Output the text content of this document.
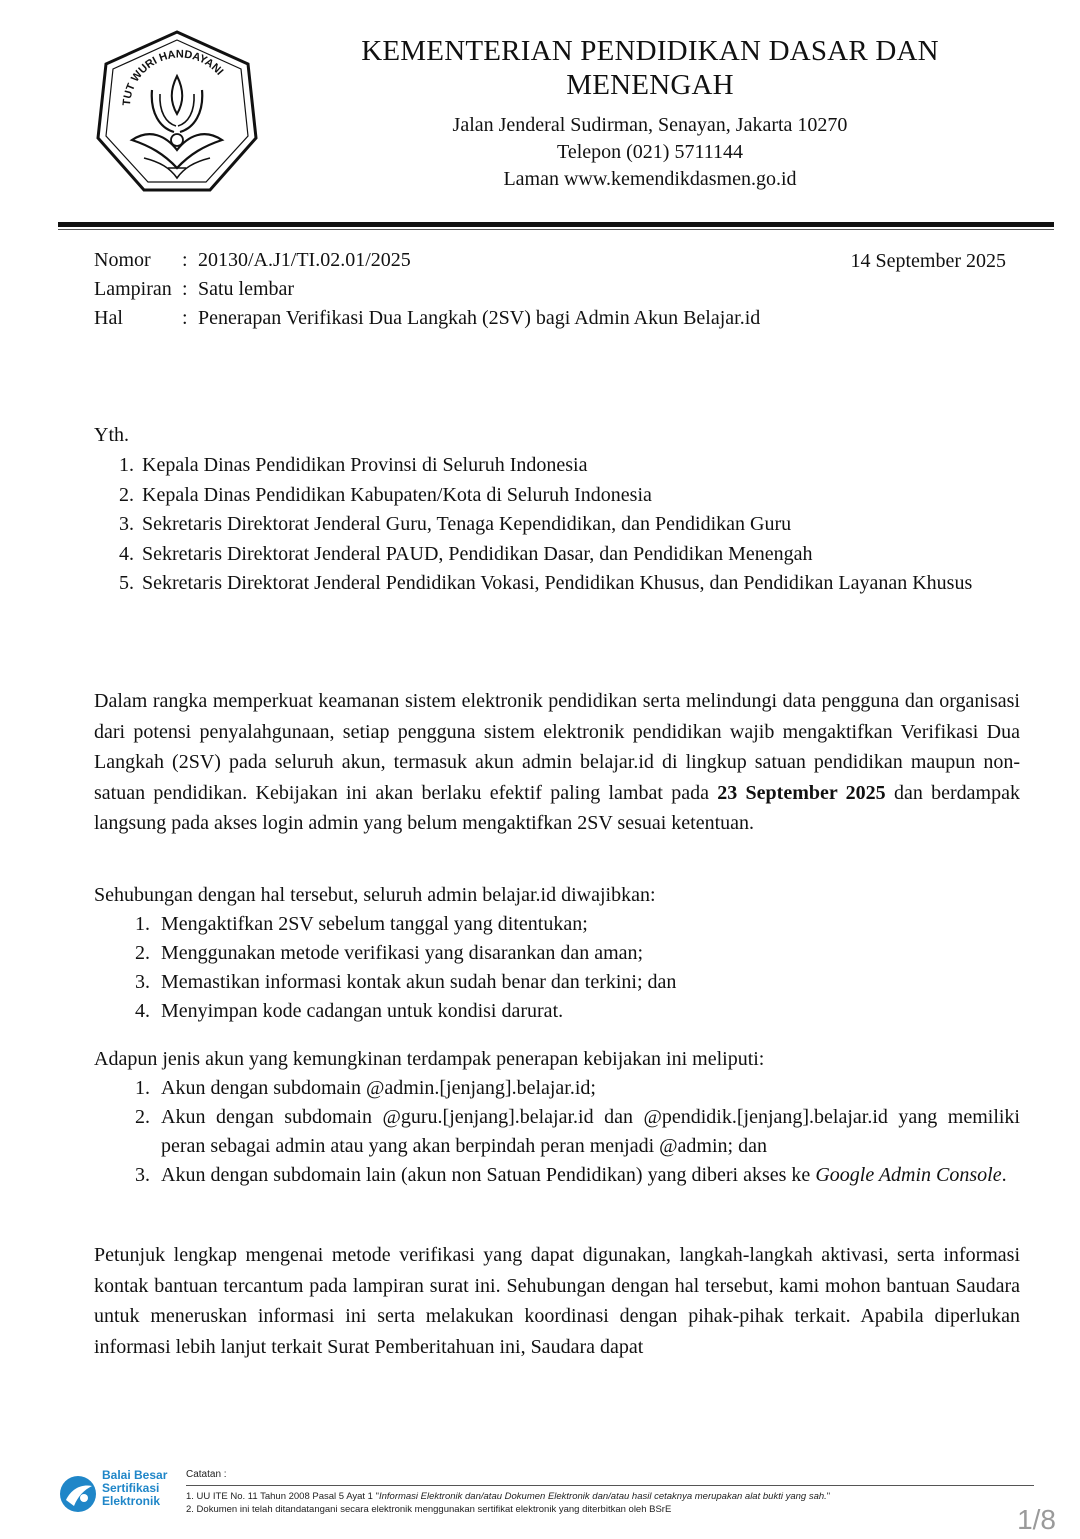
TUT WURI HANDAYANI
KEMENTERIAN PENDIDIKAN DASAR DAN
MENENGAH
Jalan Jenderal Sudirman, Senayan, Jakarta 10270
Telepon (021) 5711144
Laman www.kemendikdasmen.go.id
Nomor	: 20130/A.J1/TI.02.01/2025
Lampiran : Satu lembar
Hal	: Penerapan Verifikasi Dua Langkah (2SV) bagi Admin Akun Belajar.id
14 September 2025
Yth.
1. Kepala Dinas Pendidikan Provinsi di Seluruh Indonesia
2. Kepala Dinas Pendidikan Kabupaten/Kota di Seluruh Indonesia
3. Sekretaris Direktorat Jenderal Guru, Tenaga Kependidikan, dan Pendidikan Guru
4. Sekretaris Direktorat Jenderal PAUD, Pendidikan Dasar, dan Pendidikan Menengah
5. Sekretaris Direktorat Jenderal Pendidikan Vokasi, Pendidikan Khusus, dan Pendidikan Layanan Khusus

Dalam rangka memperkuat keamanan sistem elektronik pendidikan serta melindungi data pengguna dan organisasi dari potensi penyalahgunaan, setiap pengguna sistem elektronik pendidikan wajib mengaktifkan Verifikasi Dua Langkah (2SV) pada seluruh akun, termasuk akun admin belajar.id di lingkup satuan pendidikan maupun non-satuan pendidikan. Kebijakan ini akan berlaku efektif paling lambat pada 23 September 2025 dan berdampak langsung pada akses login admin yang belum mengaktifkan 2SV sesuai ketentuan.

Sehubungan dengan hal tersebut, seluruh admin belajar.id diwajibkan:

1. Mengaktifkan 2SV sebelum tanggal yang ditentukan;
2. Menggunakan metode verifikasi yang disarankan dan aman;
3. Memastikan informasi kontak akun sudah benar dan terkini; dan
4. Menyimpan kode cadangan untuk kondisi darurat.

Adapun jenis akun yang kemungkinan terdampak penerapan kebijakan ini meliputi:

1. Akun dengan subdomain @admin.[jenjang].belajar.id;
2. Akun dengan subdomain @guru.[jenjang].belajar.id dan @pendidik.[jenjang].belajar.id yang memiliki peran sebagai admin atau yang akan berpindah peran menjadi @admin; dan
3. Akun dengan subdomain lain (akun non Satuan Pendidikan) yang diberi akses ke Google Admin Console.

Petunjuk lengkap mengenai metode verifikasi yang dapat digunakan, langkah-langkah aktivasi, serta informasi kontak bantuan tercantum pada lampiran surat ini. Sehubungan dengan hal tersebut, kami mohon bantuan Saudara untuk meneruskan informasi ini serta melakukan koordinasi dengan pihak-pihak terkait. Apabila diperlukan informasi lebih lanjut terkait Surat Pemberitahuan ini, Saudara dapat

Balai Besar
Sertifikasi
Elektronik
Catatan :
1. UU ITE No. 11 Tahun 2008 Pasal 5 Ayat 1 "Informasi Elektronik dan/atau Dokumen Elektronik dan/atau hasil cetaknya merupakan alat bukti yang sah."
2. Dokumen ini telah ditandatangani secara elektronik menggunakan sertifikat elektronik yang diterbitkan oleh BSrE	1/8
